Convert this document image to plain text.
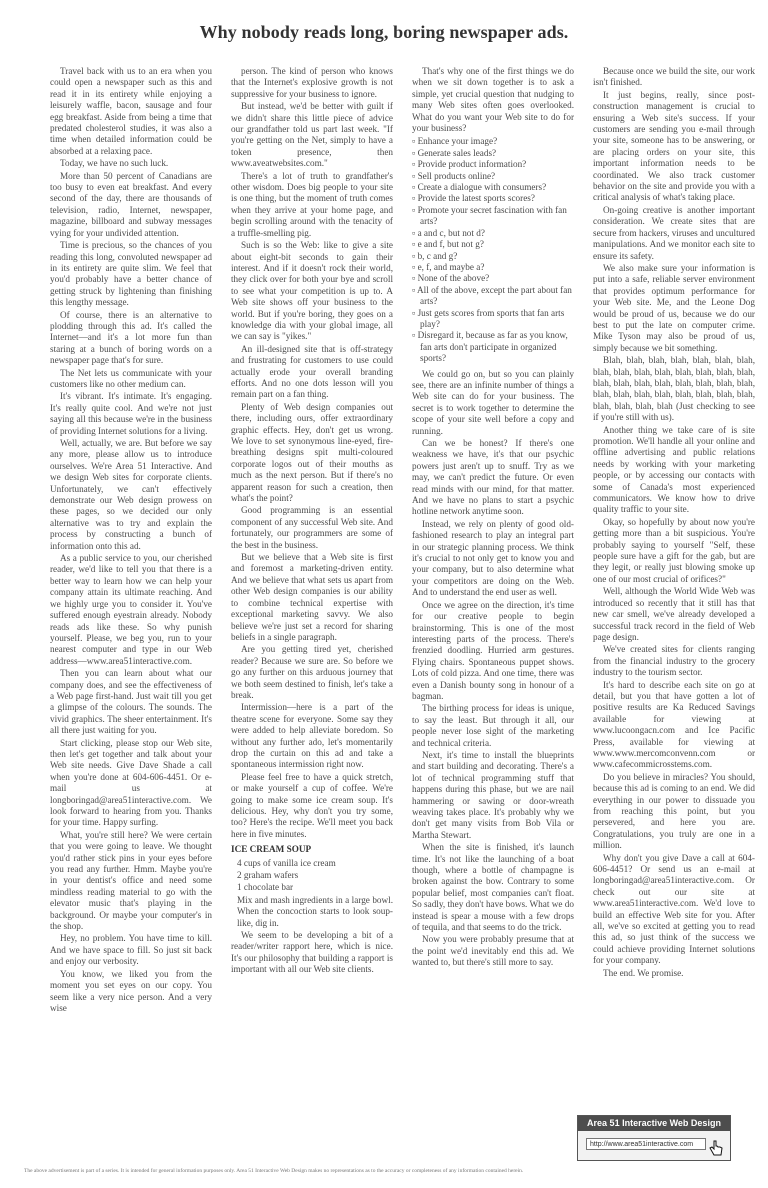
Why nobody reads long, boring newspaper ads.

Travel back with us to an era when you could open a newspaper such as this and read it in its entirety while enjoying a leisurely waffle, bacon, sausage and four egg breakfast. Aside from being a time that predated cholesterol studies, it was also a time when detailed information could be absorbed at a relaxing pace.

Today, we have no such luck.

More than 50 percent of Canadians are too busy to even eat breakfast. And every second of the day, there are thousands of television, radio, Internet, newspaper, magazine, billboard and subway messages vying for your undivided attention.

Time is precious, so the chances of you reading this long, convoluted newspaper ad in its entirety are quite slim. We feel that you'd probably have a better chance of getting struck by lightening than finishing this lengthy message.

Of course, there is an alternative to plodding through this ad. It's called the Internet—and it's a lot more fun than staring at a bunch of boring words on a newspaper page that's for sure.

The Net lets us communicate with your customers like no other medium can.

It's vibrant. It's intimate. It's engaging. It's really quite cool. And we're not just saying all this because we're in the business of providing Internet solutions for a living.

Well, actually, we are. But before we say any more, please allow us to introduce ourselves. We're Area 51 Interactive. And we design Web sites for corporate clients. Unfortunately, we can't effectively demonstrate our Web design prowess on these pages, so we decided our only alternative was to try and explain the process by constructing a bunch of information onto this ad.

As a public service to you, our cherished reader, we'd like to tell you that there is a better way to learn how we can help your company attain its ultimate reaching. And we highly urge you to consider it. You've suffered enough eyestrain already. Nobody reads ads like these. So why punish yourself. Please, we beg you, run to your nearest computer and type in our Web address—www.area51interactive.com.

Then you can learn about what our company does, and see the effectiveness of a Web page first-hand. Just wait till you get a glimpse of the colours. The sounds. The vivid graphics. The sheer entertainment. It's all there just waiting for you.

Start clicking, please stop our Web site, then let's get together and talk about your Web site needs. Give Dave Shade a call when you're done at 604-606-4451. Or e-mail us at longboringad@area51interactive.com. We look forward to hearing from you. Thanks for your time. Happy surfing.

What, you're still here? We were certain that you were going to leave. We thought you'd rather stick pins in your eyes before you read any further. Hmm. Maybe you're in your dentist's office and need some mindless reading material to go with the elevator music that's playing in the background. Or maybe your computer's in the shop.

Hey, no problem. You have time to kill. And we have space to fill. So just sit back and enjoy our verbosity.

You know, we liked you from the moment you set eyes on our copy. You seem like a very nice person. And a very wise

person. The kind of person who knows that the Internet's explosive growth is not suppressive for your business to ignore.

But instead, we'd be better with guilt if we didn't share this little piece of advice our grandfather told us part last week. "If you're getting on the Net, simply to have a token presence, then www.aveatwebsites.com."

There's a lot of truth to grandfather's other wisdom. Does big people to your site is one thing, but the moment of truth comes when they arrive at your home page, and begin scrolling around with the tenacity of a truffle-smelling pig.

Such is so the Web: like to give a site about eight-bit seconds to gain their interest. And if it doesn't rock their world, they click over for both your bye and scroll to see what your competition is up to. A Web site shows off your business to the world. But if you're boring, they goes on a knowledge dia with your global image, all we can say is "yikes."

An ill-designed site that is off-strategy and frustrating for customers to use could actually erode your overall branding efforts. And no one dots lesson will you remain part on a fan thing.

Plenty of Web design companies out there, including ours, offer extraordinary graphic effects. Hey, don't get us wrong. We love to set synonymous line-eyed, fire-breathing designs spit multi-coloured corporate logos out of their mouths as much as the next person. But if there's no apparent reason for such a creation, then what's the point?

Good programming is an essential component of any successful Web site. And fortunately, our programmers are some of the best in the business.

But we believe that a Web site is first and foremost a marketing-driven entity. And we believe that what sets us apart from other Web design companies is our ability to combine technical expertise with exceptional marketing savvy. We also believe we're just set a record for sharing beliefs in a single paragraph.

Are you getting tired yet, cherished reader? Because we sure are. So before we go any further on this arduous journey that we both seem destined to finish, let's take a break.

Intermission—here is a part of the theatre scene for everyone. Some say they were added to help alleviate boredom. So without any further ado, let's momentarily drop the curtain on this ad and take a spontaneous intermission right now.

Please feel free to have a quick stretch, or make yourself a cup of coffee. We're going to make some ice cream soup. It's delicious. Hey, why don't you try some, too? Here's the recipe. We'll meet you back here in five minutes.

ICE CREAM SOUP

4 cups of vanilla ice cream

2 graham wafers

1 chocolate bar

Mix and mash ingredients in a large bowl. When the concoction starts to look soup-like, dig in.

We seem to be developing a bit of a reader/writer rapport here, which is nice. It's our philosophy that building a rapport is important with all our Web site clients.

That's why one of the first things we do when we sit down together is to ask a simple, yet crucial question that nudging to many Web sites often goes overlooked. What do you want your Web site to do for your business?

▫ Enhance your image?
▫ Generate sales leads?
▫ Provide product information?
▫ Sell products online?
▫ Create a dialogue with consumers?
▫ Provide the latest sports scores?
▫ Promote your secret fascination with fan arts?
▫ a and c, but not d?
▫ e and f, but not g?
▫ b, c and g?
▫ e, f, and maybe a?
▫ None of the above?
▫ All of the above, except the part about fan arts?
▫ Just gets scores from sports that fan arts play?
▫ Disregard it, because as far as you know, fan arts don't participate in organized sports?

We could go on, but so you can plainly see, there are an infinite number of things a Web site can do for your business. The secret is to work together to determine the scope of your site well before a copy and running.

Can we be honest? If there's one weakness we have, it's that our psychic powers just aren't up to snuff. Try as we may, we can't predict the future. Or even read minds with our mind, for that matter. And we have no plans to start a psychic hotline network anytime soon.

Instead, we rely on plenty of good old-fashioned research to play an integral part in our strategic planning process. We think it's crucial to not only get to know you and your company, but to also determine what your competitors are doing on the Web. And to understand the end user as well.

Once we agree on the direction, it's time for our creative people to begin brainstorming. This is one of the most interesting parts of the process. There's frenzied doodling. Hurried arm gestures. Flying chairs. Spontaneous puppet shows. Lots of cold pizza. And one time, there was even a Danish bounty song in honour of a bagman.

The birthing process for ideas is unique, to say the least. But through it all, our people never lose sight of the marketing and technical criteria.

Next, it's time to install the blueprints and start building and decorating. There's a lot of technical programming stuff that happens during this phase, but we are nail hammering or sawing or door-wreath weaving takes place. It's probably why we don't get many visits from Bob Vila or Martha Stewart.

When the site is finished, it's launch time. It's not like the launching of a boat though, where a bottle of champagne is broken against the bow. Contrary to some popular belief, most companies can't float. So sadly, they don't have bows. What we do instead is spear a mouse with a few drops of tequila, and that seems to do the trick.

Now you were probably presume that at the point we'd inevitably end this ad. We wanted to, but there's still more to say.

Because once we build the site, our work isn't finished.

It just begins, really, since post-construction management is crucial to ensuring a Web site's success. If your customers are sending you e-mail through your site, someone has to be answering, or are placing orders on your site, this important information needs to be coordinated. We also track customer behavior on the site and provide you with a critical analysis of what's taking place.

On-going creative is another important consideration. We create sites that are secure from hackers, viruses and uncultured manipulations. And we monitor each site to ensure its safety.

We also make sure your information is put into a safe, reliable server environment that provides optimum performance for your Web site. Me, and the Leone Dog would be proud of us, because we do our best to put the late on computer crime. Mike Tyson may also be proud of us, simply because we bit something.

Blah, blah, blah, blah, blah, blah, blah, blah, blah, blah, blah, blah, blah, blah, blah, blah, blah, blah, blah, blah, blah, blah, blah, blah, blah, blah, blah, blah, blah, blah, blah, blah, blah, blah, blah (Just checking to see if you're still with us).

Another thing we take care of is site promotion. We'll handle all your online and offline advertising and public relations needs by working with your marketing people, or by accessing our contacts with some of Canada's most experienced communicators. We know how to drive quality traffic to your site.

Okay, so hopefully by about now you're getting more than a bit suspicious. You're probably saying to yourself "Self, these people sure have a gift for the gab, but are they legit, or really just blowing smoke up one of our most crucial of orifices?"

Well, although the World Wide Web was introduced so recently that it still has that new car smell, we've already developed a successful track record in the field of Web page design.

We've created sites for clients ranging from the financial industry to the grocery industry to the tourism sector.

It's hard to describe each site on go at detail, but you that have gotten a lot of positive results are Ka Reduced Savings available for viewing at www.lucoongacn.com and Ice Pacific Press, available for viewing at www.www.mercomconvenn.com or www.cafecommicrosstems.com.

Do you believe in miracles? You should, because this ad is coming to an end. We did everything in our power to dissuade you from reaching this point, but you persevered, and here you are. Congratulations, you truly are one in a million.

Why don't you give Dave a call at 604-606-4451? Or send us an e-mail at longboringad@area51interactive.com. Or check out our site at www.area51interactive.com. We'd love to build an effective Web site for you. After all, we've so excited at getting you to read this ad, so just think of the success we could achieve providing Internet solutions for your company.

The end. We promise.

Area 51 Interactive Web Design
http://www.area51interactive.com
The above advertisement is part of a series. It is intended for general information purposes only. Area 51 Interactive Web Design makes no representations as to the accuracy or completeness of any information contained herein.
